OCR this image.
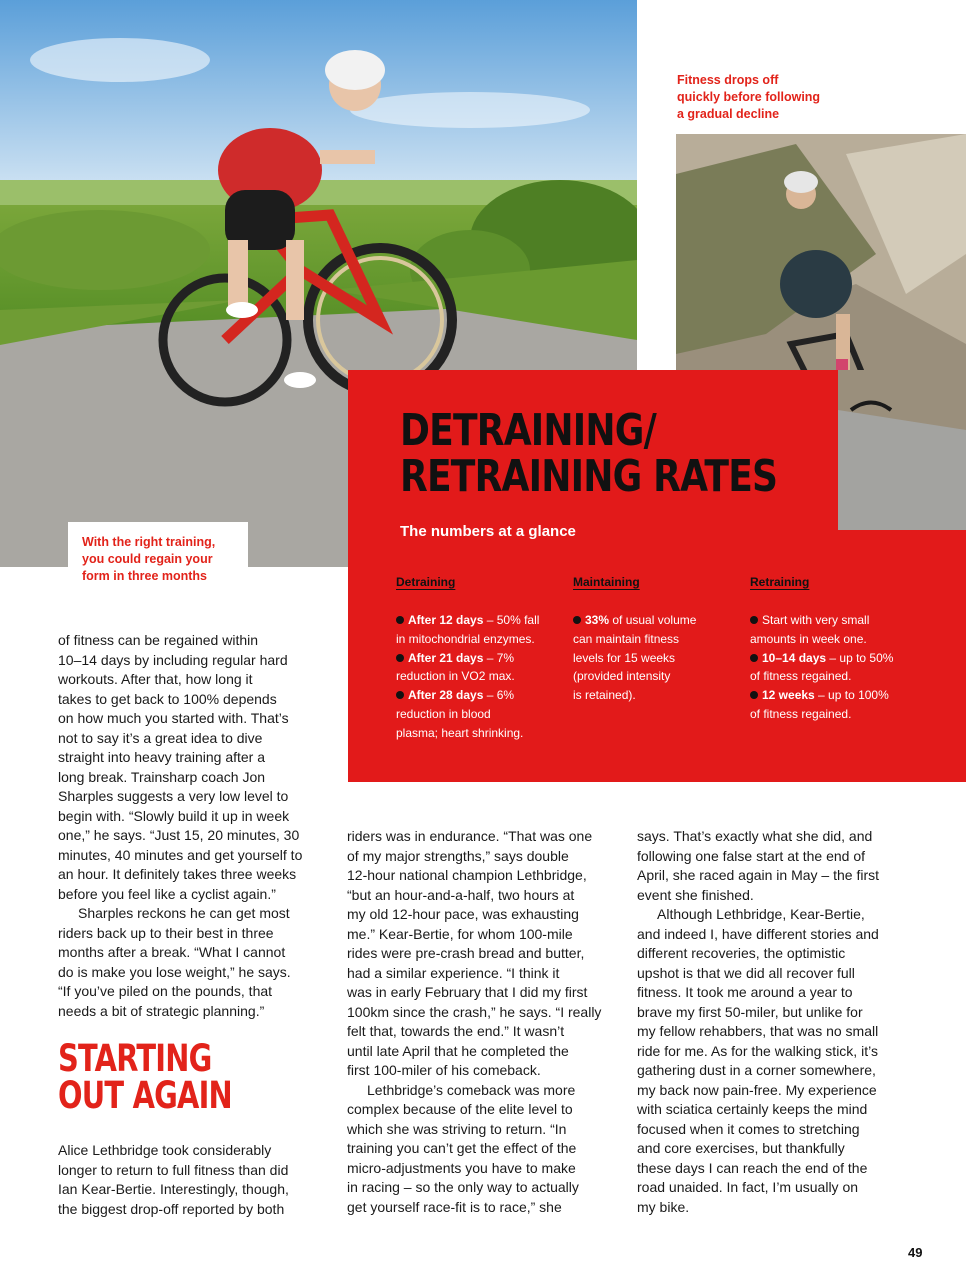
Fitness drops off
quickly before following
a gradual decline
With the right training,
you could regain your
form in three months
DETRAINING/
RETRAINING RATES
The numbers at a glance
Detraining	Maintaining	Retraining
After 12 days – 50% fall
in mitochondrial enzymes.
After 21 days – 7%
reduction in VO2 max.
After 28 days – 6%
reduction in blood
plasma; heart shrinking.
33% of usual volume
can maintain fitness
levels for 15 weeks
(provided intensity
is retained).
Start with very small
amounts in week one.
10–14 days – up to 50%
of fitness regained.
12 weeks – up to 100%
of fitness regained.
of fitness can be regained within
10–14 days by including regular hard
workouts. After that, how long it
takes to get back to 100% depends
on how much you started with. That’s
not to say it’s a great idea to dive
straight into heavy training after a
long break. Trainsharp coach Jon
Sharples suggests a very low level to
begin with. “Slowly build it up in week
one,” he says. “Just 15, 20 minutes, 30
minutes, 40 minutes and get yourself to
an hour. It definitely takes three weeks
before you feel like a cyclist again.”
Sharples reckons he can get most
riders back up to their best in three
months after a break. “What I cannot
do is make you lose weight,” he says.
“If you’ve piled on the pounds, that
needs a bit of strategic planning.”
STARTING
OUT AGAIN
Alice Lethbridge took considerably
longer to return to full fitness than did
Ian Kear-Bertie. Interestingly, though,
the biggest drop-off reported by both
riders was in endurance. “That was one
of my major strengths,” says double
12-hour national champion Lethbridge,
“but an hour-and-a-half, two hours at
my old 12-hour pace, was exhausting
me.” Kear-Bertie, for whom 100-mile
rides were pre-crash bread and butter,
had a similar experience. “I think it
was in early February that I did my first
100km since the crash,” he says. “I really
felt that, towards the end.” It wasn’t
until late April that he completed the
first 100-miler of his comeback.
Lethbridge’s comeback was more
complex because of the elite level to
which she was striving to return. “In
training you can’t get the effect of the
micro-adjustments you have to make
in racing – so the only way to actually
get yourself race-fit is to race,” she
says. That’s exactly what she did, and
following one false start at the end of
April, she raced again in May – the first
event she finished.
Although Lethbridge, Kear-Bertie,
and indeed I, have different stories and
different recoveries, the optimistic
upshot is that we did all recover full
fitness. It took me around a year to
brave my first 50-miler, but unlike for
my fellow rehabbers, that was no small
ride for me. As for the walking stick, it’s
gathering dust in a corner somewhere,
my back now pain-free. My experience
with sciatica certainly keeps the mind
focused when it comes to stretching
and core exercises, but thankfully
these days I can reach the end of the
road unaided. In fact, I’m usually on
my bike.
49
